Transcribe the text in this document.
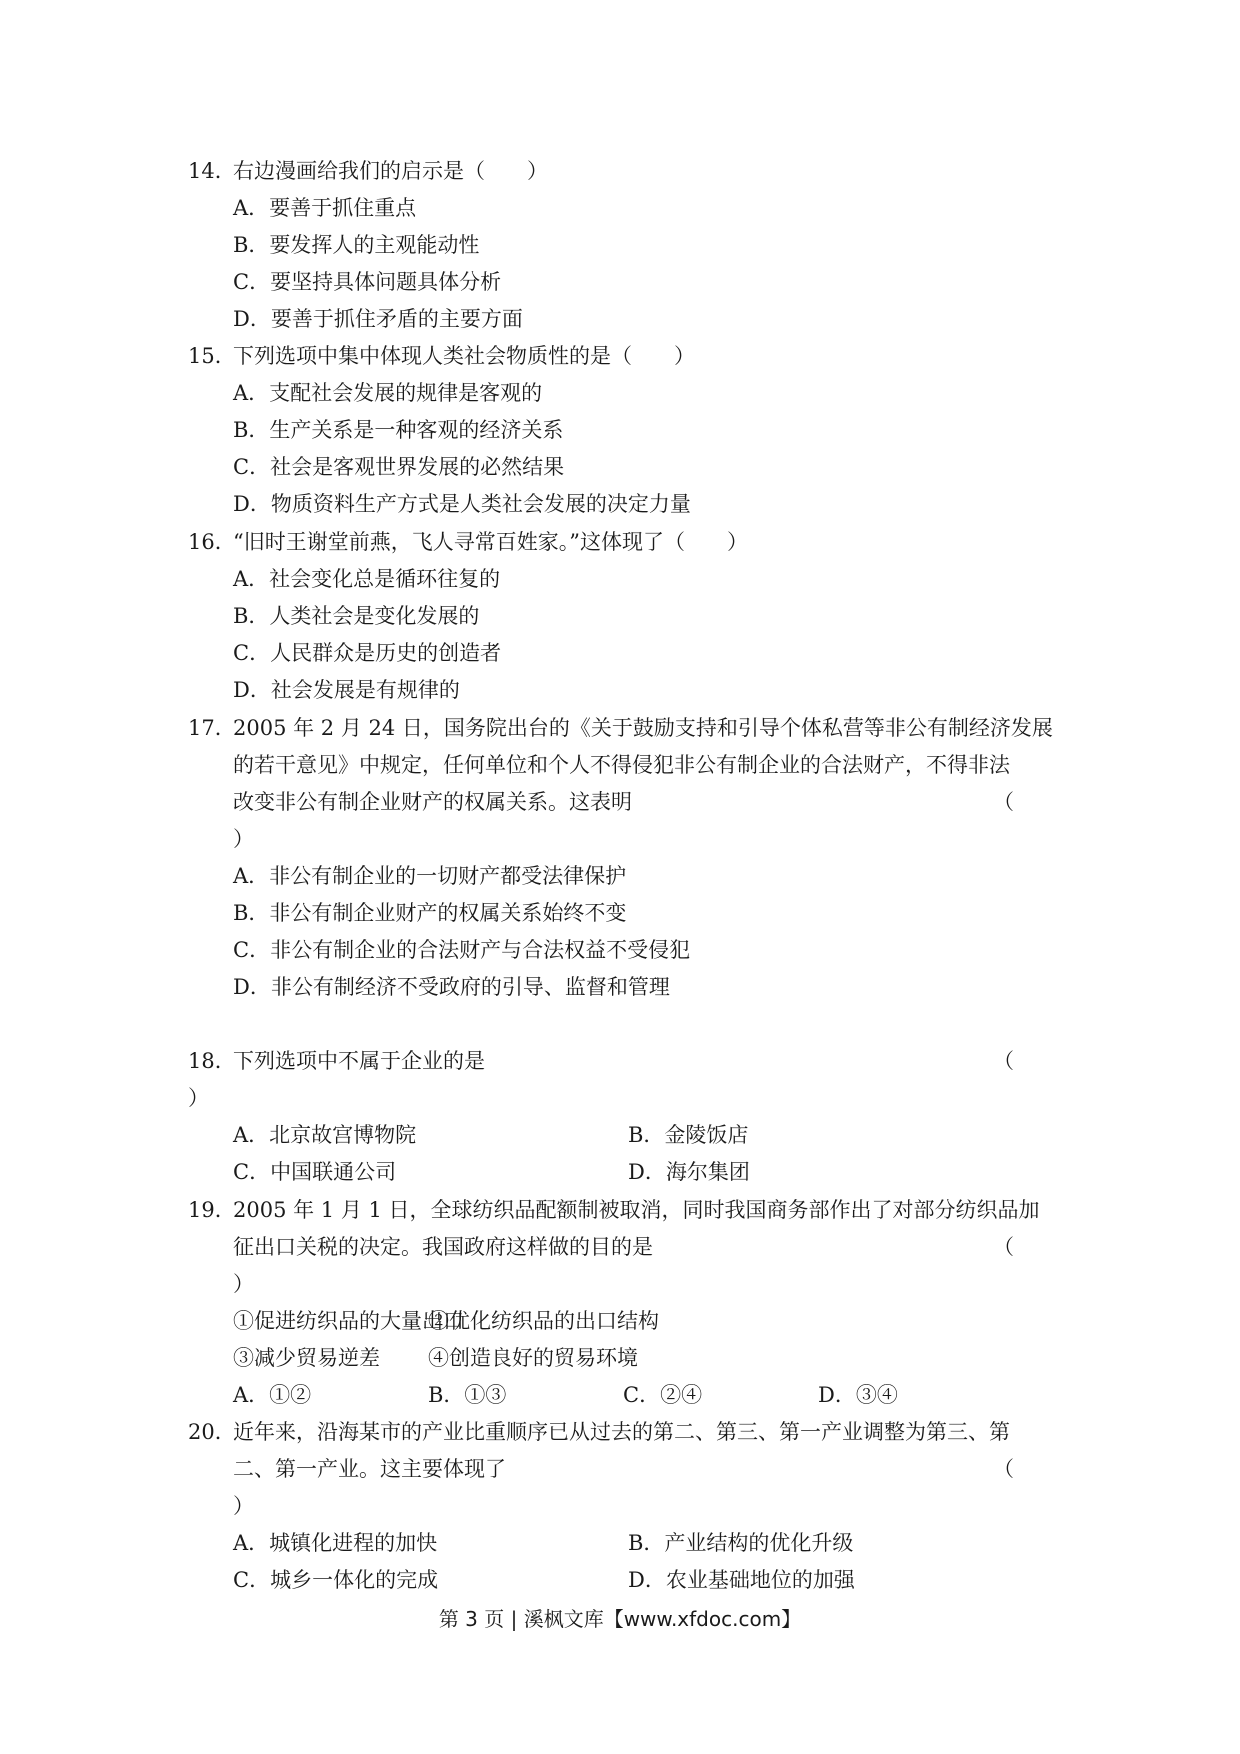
14．右边漫画给我们的启示是（　　）
A．要善于抓住重点
B．要发挥人的主观能动性
C．要坚持具体问题具体分析
D．要善于抓住矛盾的主要方面
15．下列选项中集中体现人类社会物质性的是（　　）
A．支配社会发展的规律是客观的
B．生产关系是一种客观的经济关系
C．社会是客观世界发展的必然结果
D．物质资料生产方式是人类社会发展的决定力量
16．“旧时王谢堂前燕，飞人寻常百姓家。”这体现了（　　）
A．社会变化总是循环往复的
B．人类社会是变化发展的
C．人民群众是历史的创造者
D．社会发展是有规律的
17．2005 年 2 月 24 日，国务院出台的《关于鼓励支持和引导个体私营等非公有制经济发展
的若干意见》中规定，任何单位和个人不得侵犯非公有制企业的合法财产，不得非法
改变非公有制企业财产的权属关系。这表明	（
）
A．非公有制企业的一切财产都受法律保护
B．非公有制企业财产的权属关系始终不变
C．非公有制企业的合法财产与合法权益不受侵犯
D．非公有制经济不受政府的引导、监督和管理
18．下列选项中不属于企业的是	（
）
A．北京故宫博物院	B．金陵饭店
C．中国联通公司	D．海尔集团
19．2005 年 1 月 1 日，全球纺织品配额制被取消，同时我国商务部作出了对部分纺织品加
征出口关税的决定。我国政府这样做的目的是	（
）
①促进纺织品的大量出口
②优化纺织品的出口结构
③减少贸易逆差 ④创造良好的贸易环境
A．①②	B．①③	C．②④	D．③④
20．近年来，沿海某市的产业比重顺序已从过去的第二、第三、第一产业调整为第三、第
二、第一产业。这主要体现了	（
）
A．城镇化进程的加快	B．产业结构的优化升级
C．城乡一体化的完成	D．农业基础地位的加强
第 3 页 | 溪枫文库【www.xfdoc.com】
